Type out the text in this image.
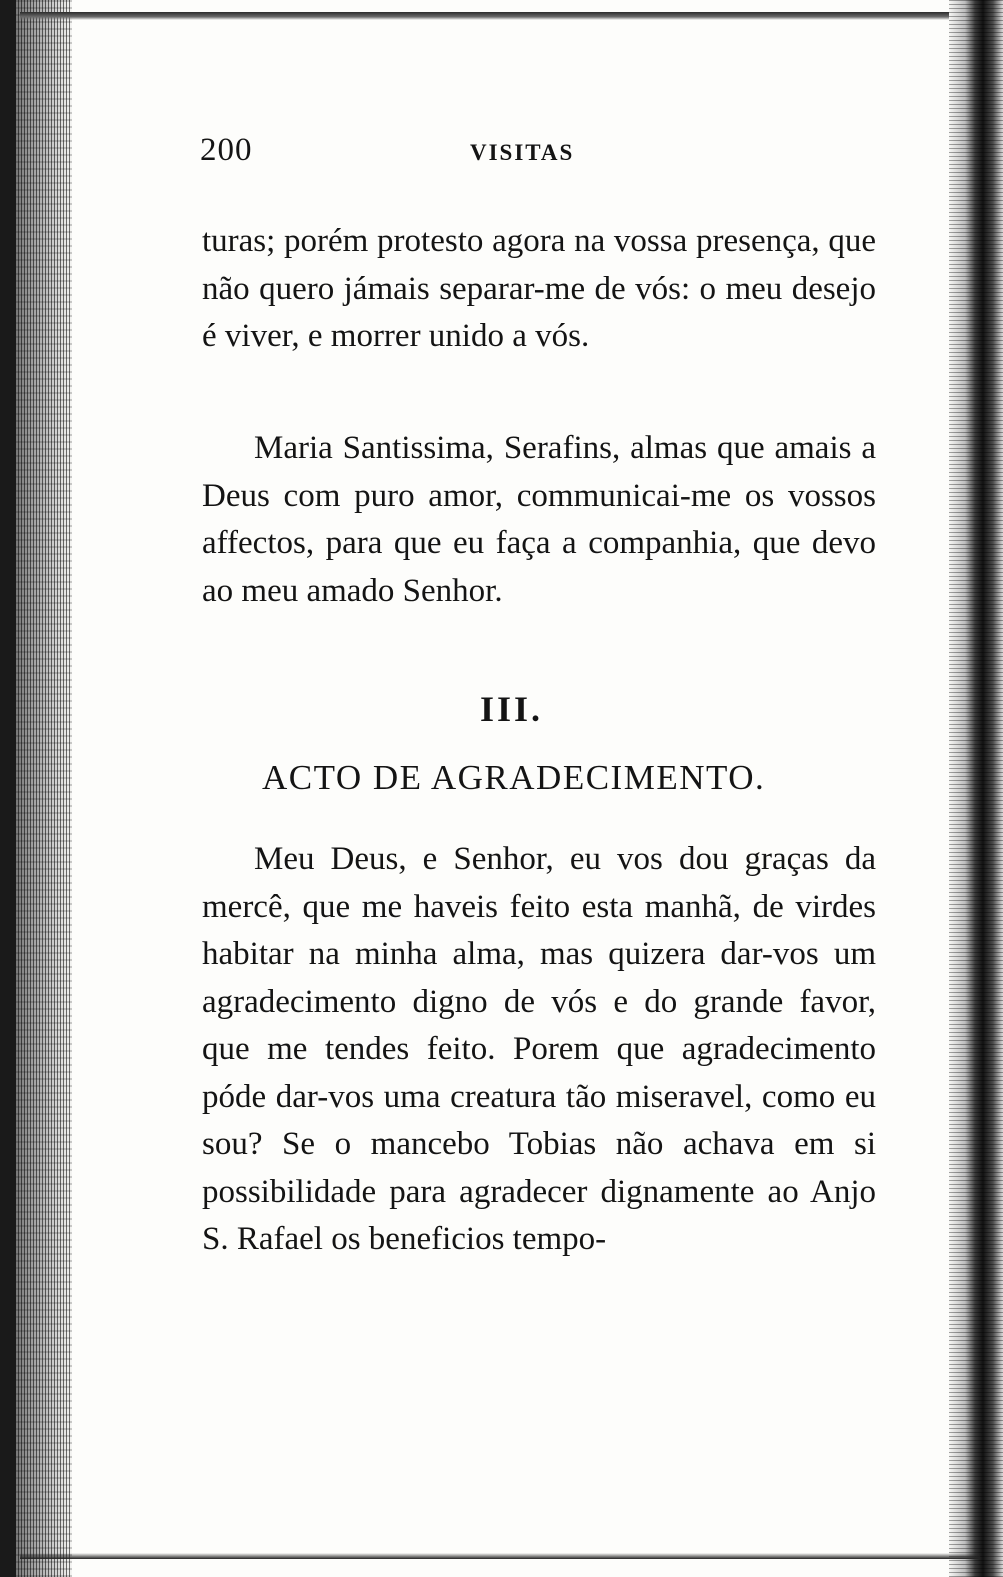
200	VISITAS

turas; porém protesto agora na vossa presença, que não quero jámais separar-me de vós: o meu desejo é viver, e morrer unido a vós.

Maria Santissima, Serafins, almas que amais a Deus com puro amor, communicai-me os vossos affectos, para que eu faça a companhia, que devo ao meu amado Senhor.

III.
ACTO DE AGRADECIMENTO.

Meu Deus, e Senhor, eu vos dou graças da mercê, que me haveis feito esta manhã, de virdes habitar na minha alma, mas quizera dar-vos um agradecimento digno de vós e do grande favor, que me tendes feito. Porem que agradecimento póde dar-vos uma creatura tão miseravel, como eu sou? Se o mancebo Tobias não achava em si possibilidade para agradecer dignamente ao Anjo S. Rafael os beneficios tempo-
